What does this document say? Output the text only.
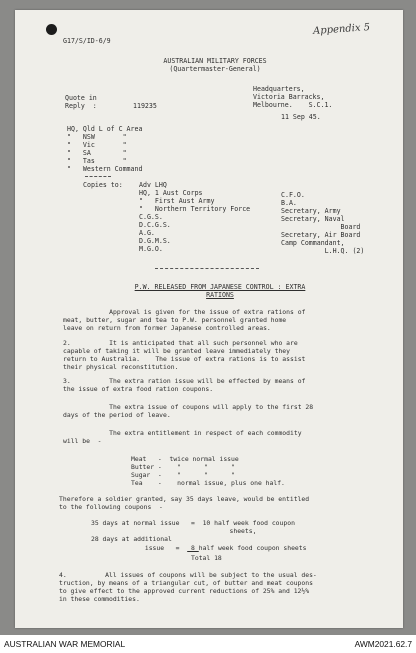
G17/S/ID-6/9
Appendix 5
AUSTRALIAN MILITARY FORCES
(Quartermaster-General)
Headquarters,
Victoria Barracks,
Melbourne.    S.C.1.
Quote in
Reply  :	119235
11 Sep 45.
HQ, Qld L of C Area
"   NSW       "
"   Vic       "
"   SA        "
"   Tas       "
"   Western Command
Copies to: Adv LHQ
HQ, 1 Aust Corps
"   First Aust Army
"   Northern Territory Force
C.G.S.
D.C.G.S.
A.G.
D.G.M.S.
M.G.O.
C.F.O.
B.A.
Secretary, Army
Secretary, Naval
Board
Secretary, Air Board
Camp Commandant,
L.H.Q. (2)
P.W. RELEASED FROM JAPANESE CONTROL : EXTRA
RATIONS
Approval is given for the issue of extra rations of
meat, butter, sugar and tea to P.W. personnel granted home
leave on return from former Japanese controlled areas.
2.          It is anticipated that all such personnel who are
capable of taking it will be granted leave immediately they
return to Australia.    The issue of extra rations is to assist
their physical reconstitution.
3.          The extra ration issue will be effected by means of
the issue of extra food ration coupons.
The extra issue of coupons will apply to the first 28
days of the period of leave.
The extra entitlement in respect of each commodity
will be  -
Meat   -  twice normal issue
Butter -    "      "      "
Sugar  -    "      "      "
Tea    -    normal issue, plus one half.
Therefore a soldier granted, say 35 days leave, would be entitled
to the following coupons  -
35 days at normal issue   =  10 half week food coupon
sheets,
28 days at additional
issue   =   8 half week food coupon sheets
Total 18
4.          All issues of coupons will be subject to the usual des-
truction, by means of a triangular cut, of butter and meat coupons
to give effect to the approved current reductions of 25% and 12½%
in these commodities.
AUSTRALIAN WAR MEMORIAL	AWM2021.62.7
